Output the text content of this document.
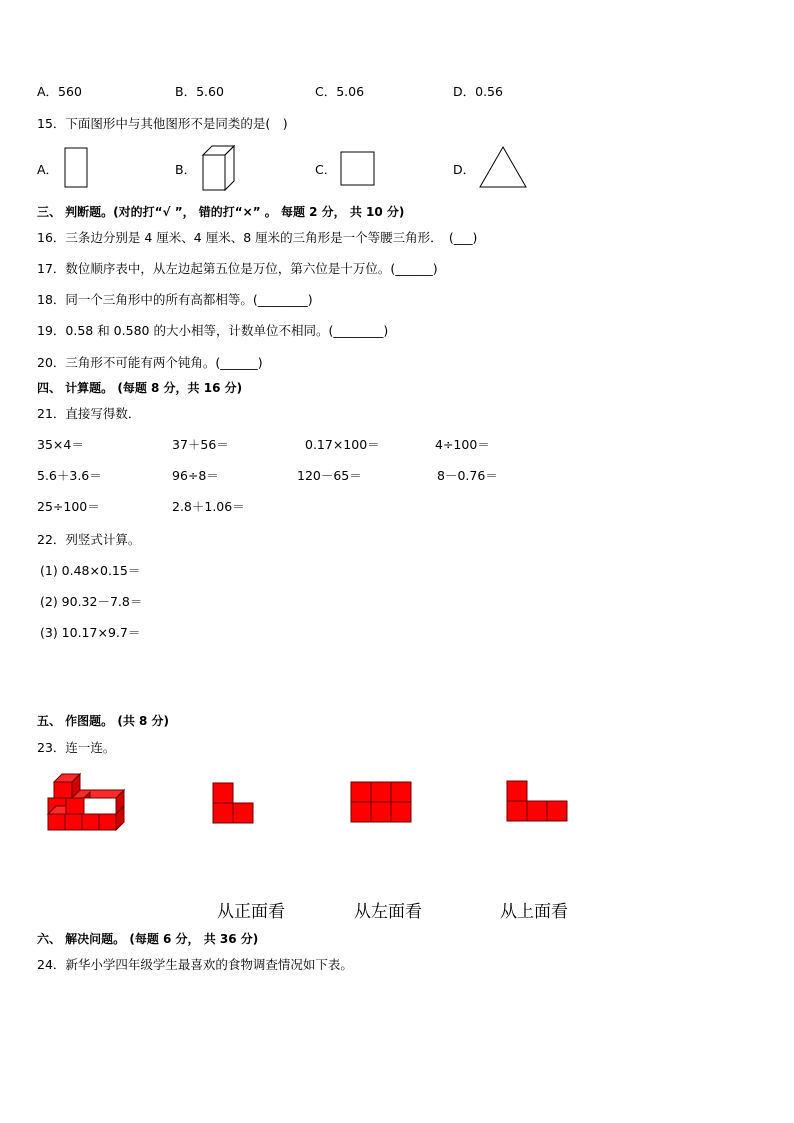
A．560	B．5.60	C．5.06	D．0.56
15．下面图形中与其他图形不是同类的是(　)
A．	B．	C．	D．
三、 判断题。(对的打“√ ”， 错的打“×” 。 每题 2 分， 共 10 分)
16．三条边分别是 4 厘米、4 厘米、8 厘米的三角形是一个等腰三角形．　(___)
17．数位顺序表中，从左边起第五位是万位，第六位是十万位。(______)
18．同一个三角形中的所有高都相等。(________)
19．0.58 和 0.580 的大小相等，计数单位不相同。(________)
20．三角形不可能有两个钝角。(______)
四、 计算题。 (每题 8 分，共 16 分)
21．直接写得数．
35×4＝	37＋56＝	0.17×100＝	4÷100＝
5.6＋3.6＝	96÷8＝	120－65＝	8－0.76＝
25÷100＝	2.8＋1.06＝
22．列竖式计算。
(1) 0.48×0.15＝
(2) 90.32－7.8＝
(3) 10.17×9.7＝
五、 作图题。 (共 8 分)
23．连一连。
从正面看	从左面看	从上面看
六、 解决问题。 (每题 6 分， 共 36 分)
24．新华小学四年级学生最喜欢的食物调查情况如下表。
